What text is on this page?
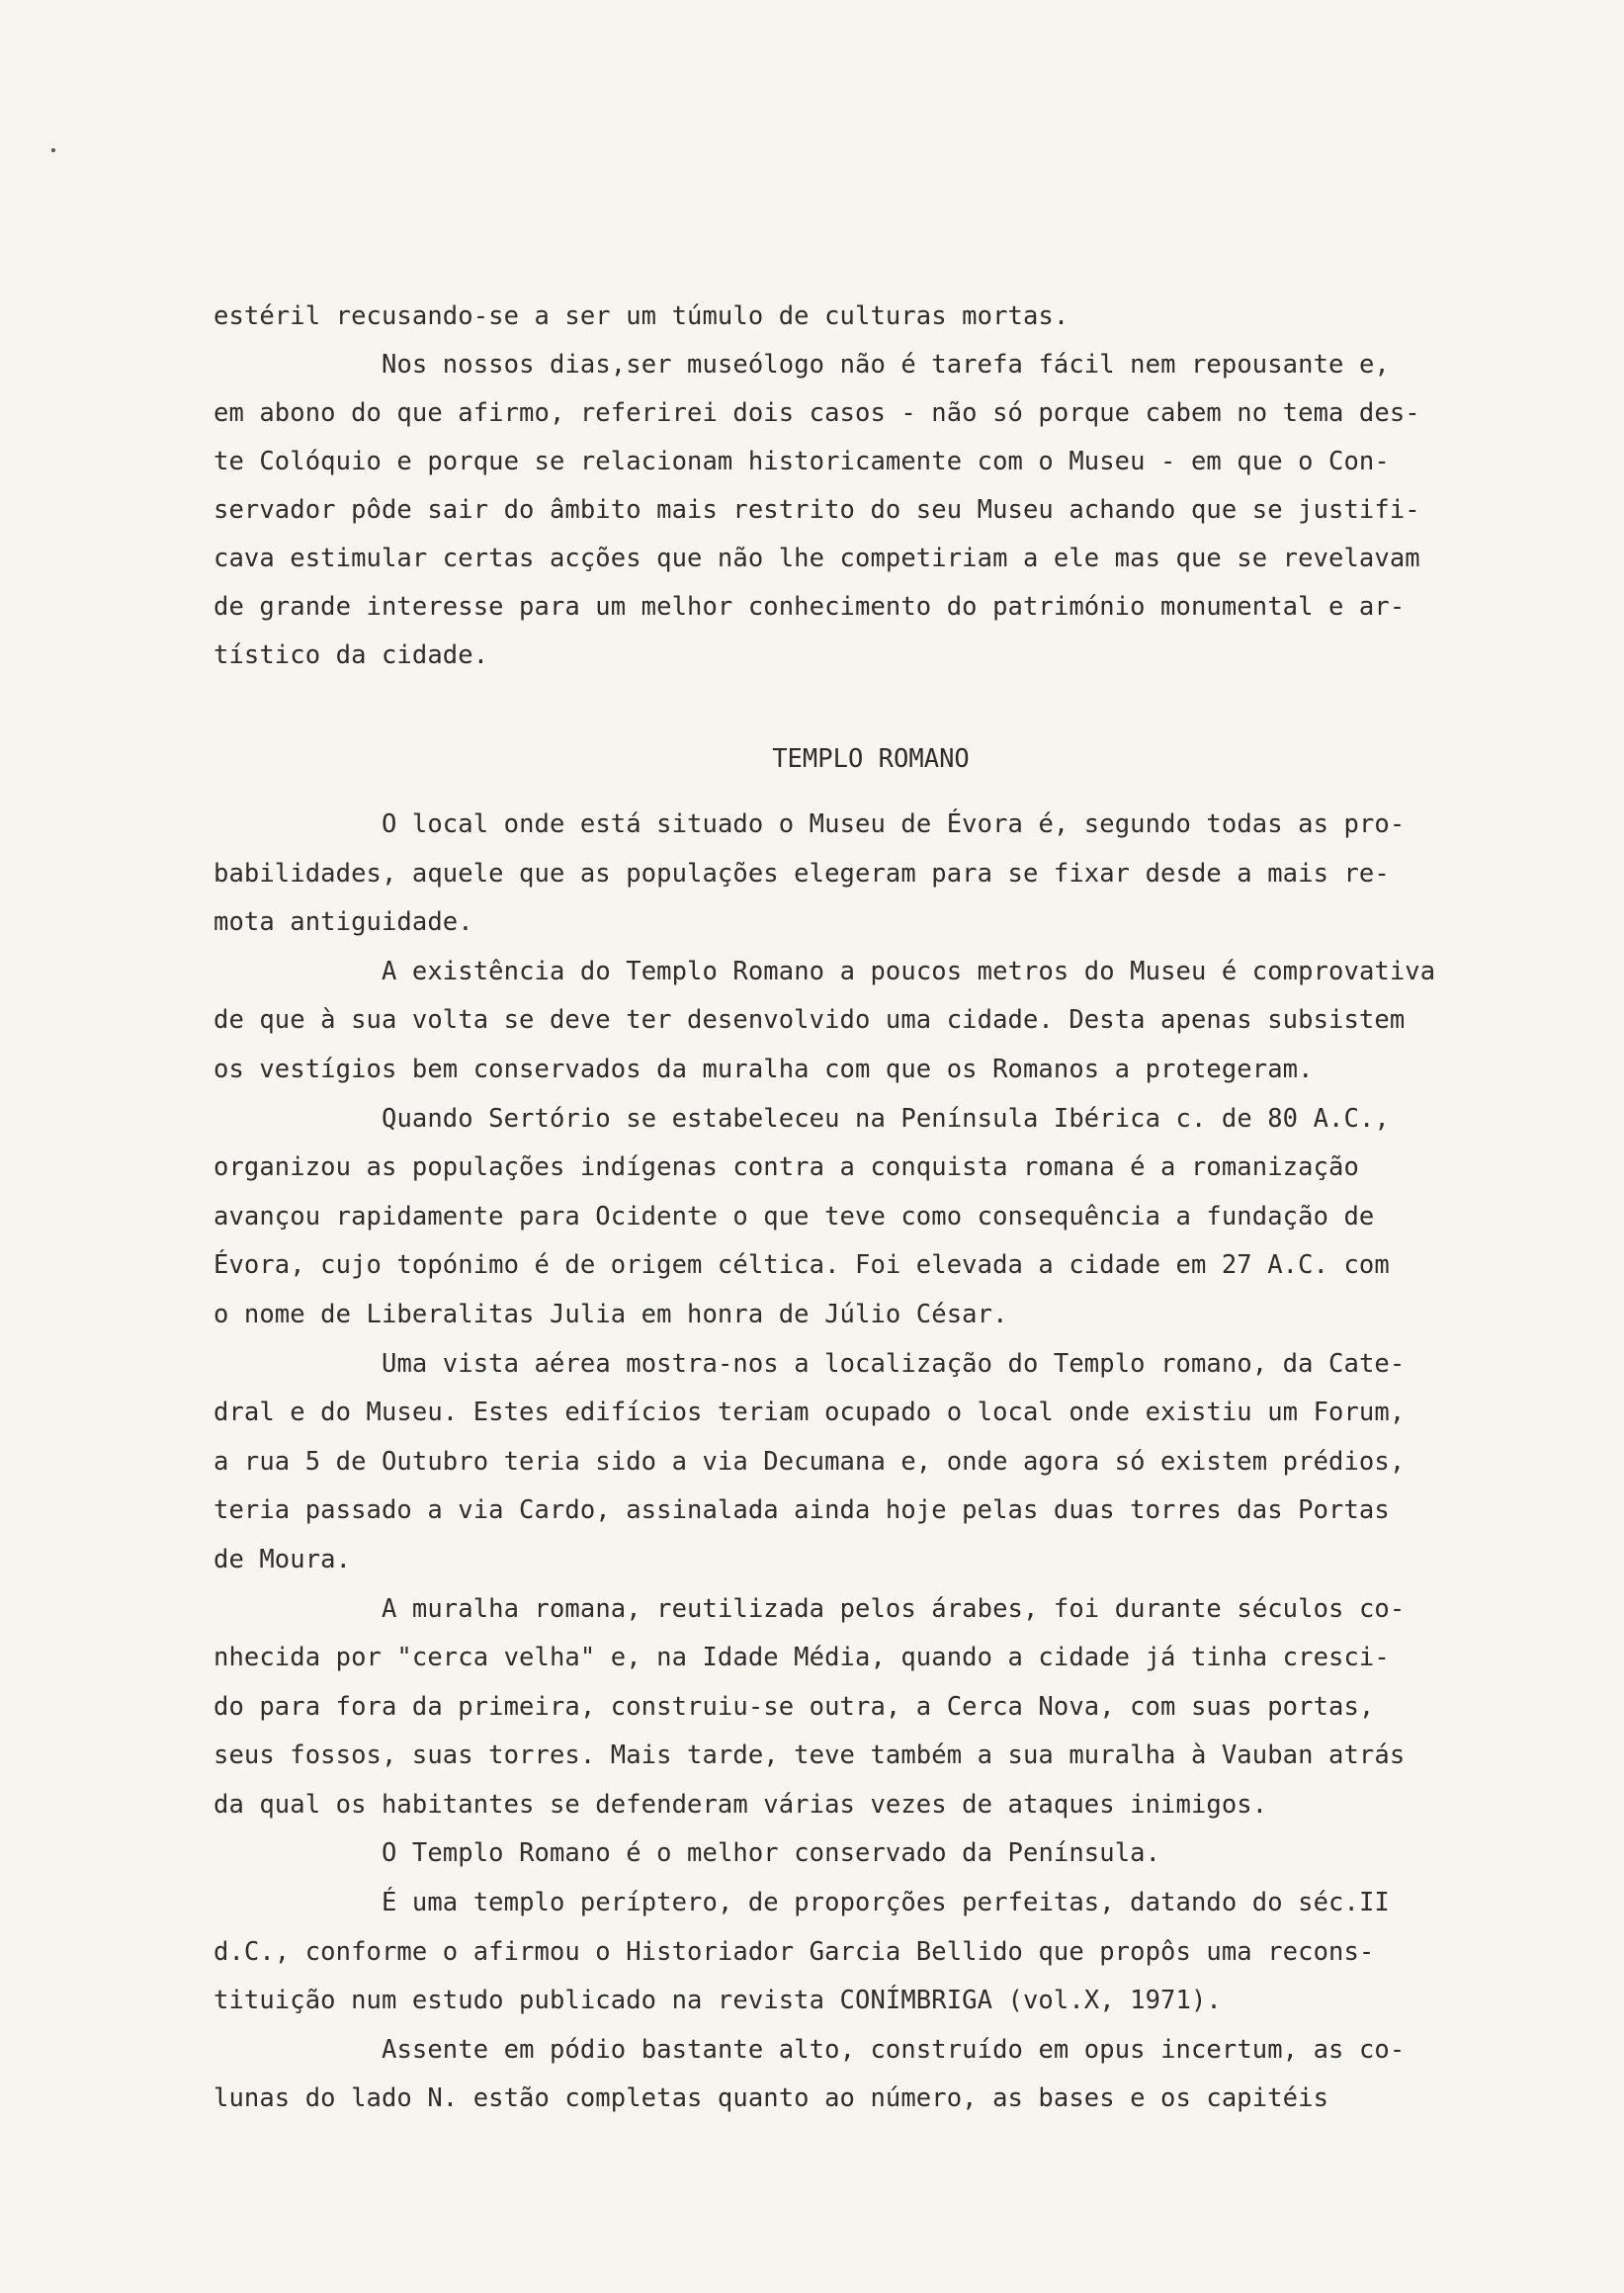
estéril recusando-se a ser um túmulo de culturas mortas.
Nos nossos dias,ser museólogo não é tarefa fácil nem repousante e,
em abono do que afirmo, referirei dois casos - não só porque cabem no tema des-
te Colóquio e porque se relacionam historicamente com o Museu - em que o Con-
servador pôde sair do âmbito mais restrito do seu Museu achando que se justifi-
cava estimular certas acções que não lhe competiriam a ele mas que se revelavam
de grande interesse para um melhor conhecimento do património monumental e ar-
tístico da cidade.
TEMPLO ROMANO
O local onde está situado o Museu de Évora é, segundo todas as pro-
babilidades, aquele que as populações elegeram para se fixar desde a mais re-
mota antiguidade.
A existência do Templo Romano a poucos metros do Museu é comprovativa
de que à sua volta se deve ter desenvolvido uma cidade. Desta apenas subsistem
os vestígios bem conservados da muralha com que os Romanos a protegeram.
Quando Sertório se estabeleceu na Península Ibérica c. de 80 A.C.,
organizou as populações indígenas contra a conquista romana é a romanização
avançou rapidamente para Ocidente o que teve como consequência a fundação de
Évora, cujo topónimo é de origem céltica. Foi elevada a cidade em 27 A.C. com
o nome de Liberalitas Julia em honra de Júlio César.
Uma vista aérea mostra-nos a localização do Templo romano, da Cate-
dral e do Museu. Estes edifícios teriam ocupado o local onde existiu um Forum,
a rua 5 de Outubro teria sido a via Decumana e, onde agora só existem prédios,
teria passado a via Cardo, assinalada ainda hoje pelas duas torres das Portas
de Moura.
A muralha romana, reutilizada pelos árabes, foi durante séculos co-
nhecida por "cerca velha" e, na Idade Média, quando a cidade já tinha cresci-
do para fora da primeira, construiu-se outra, a Cerca Nova, com suas portas,
seus fossos, suas torres. Mais tarde, teve também a sua muralha à Vauban atrás
da qual os habitantes se defenderam várias vezes de ataques inimigos.
O Templo Romano é o melhor conservado da Península.
É uma templo períptero, de proporções perfeitas, datando do séc.II
d.C., conforme o afirmou o Historiador Garcia Bellido que propôs uma recons-
tituição num estudo publicado na revista CONÍMBRIGA (vol.X, 1971).
Assente em pódio bastante alto, construído em opus incertum, as co-
lunas do lado N. estão completas quanto ao número, as bases e os capitéis
